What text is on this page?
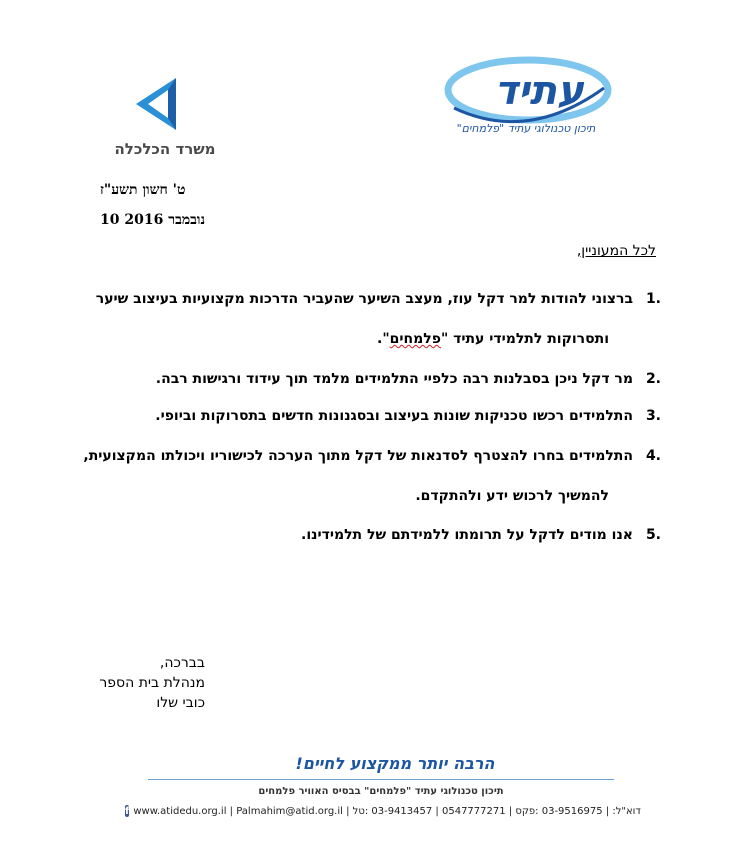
עתיד
תיכון טכנולוגי עתיד "פלמחים"
משרד הכלכלה
ט' חשון תשע"ז
10 נובמבר 2016
לכל המעוניין,
1.
ברצוני להודות למר דקל עוז, מעצב השיער שהעביר הדרכות מקצועיות בעיצוב שיער
ותסרוקות לתלמידי עתיד "פלמחים".
2.
מר דקל ניכן בסבלנות רבה כלפיי התלמידים מלמד תוך עידוד ורגישות רבה.
3.
התלמידים רכשו טכניקות שונות בעיצוב ובסגנונות חדשים בתסרוקות וביופי.
4.
התלמידים בחרו להצטרף לסדנאות של דקל מתוך הערכה לכישוריו ויכולתו המקצועית,
להמשיך לרכוש ידע ולהתקדם.
5.
אנו מודים לדקל על תרומתו ללמידתם של תלמידינו.
בברכה,
מנהלת בית הספר
כובי שלו
הרבה יותר ממקצוע לחיים!
תיכון טכנולוגי עתיד "פלמחים" בבסיס האוויר פלמחים
f www.atidedu.org.il | Palmahim@atid.org.il | דוא"ל: | 03-9516975 :פקס | 0547777271 | 03-9413457 :טל
